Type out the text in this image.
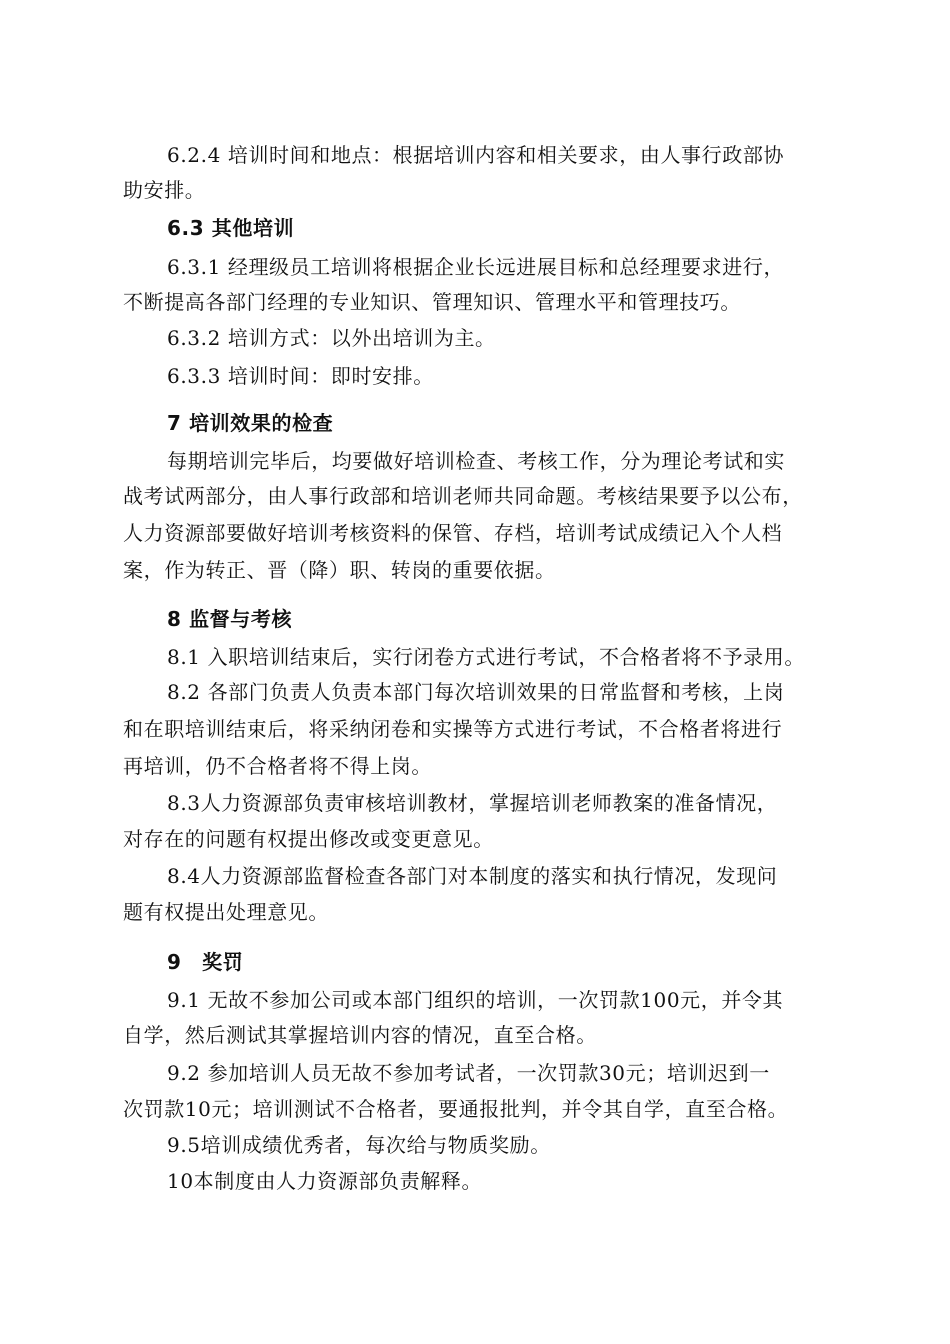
6.2.4 培训时间和地点：根据培训内容和相关要求，由人事行政部协
助安排。
6.3 其他培训
6.3.1 经理级员工培训将根据企业长远进展目标和总经理要求进行，
不断提高各部门经理的专业知识、管理知识、管理水平和管理技巧。
6.3.2 培训方式：以外出培训为主。
6.3.3 培训时间：即时安排。
7 培训效果的检查
每期培训完毕后，均要做好培训检查、考核工作，分为理论考试和实
战考试两部分，由人事行政部和培训老师共同命题。考核结果要予以公布，
人力资源部要做好培训考核资料的保管、存档，培训考试成绩记入个人档
案，作为转正、晋（降）职、转岗的重要依据。
8 监督与考核
8.1 入职培训结束后，实行闭卷方式进行考试，不合格者将不予录用。
8.2 各部门负责人负责本部门每次培训效果的日常监督和考核，上岗
和在职培训结束后，将采纳闭卷和实操等方式进行考试，不合格者将进行
再培训，仍不合格者将不得上岗。
8.3人力资源部负责审核培训教材，掌握培训老师教案的准备情况，
对存在的问题有权提出修改或变更意见。
8.4人力资源部监督检查各部门对本制度的落实和执行情况，发现问
题有权提出处理意见。
9　奖罚
9.1 无故不参加公司或本部门组织的培训，一次罚款100元，并令其
自学，然后测试其掌握培训内容的情况，直至合格。
9.2 参加培训人员无故不参加考试者，一次罚款30元；培训迟到一
次罚款10元；培训测试不合格者，要通报批判，并令其自学，直至合格。
9.5培训成绩优秀者，每次给与物质奖励。
10本制度由人力资源部负责解释。
